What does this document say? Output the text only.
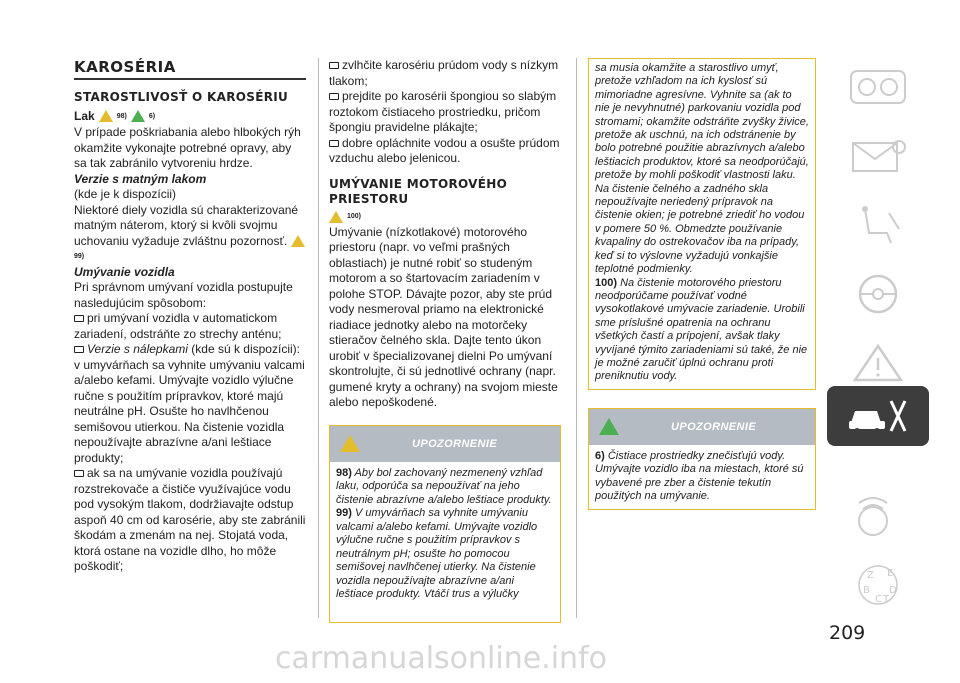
KAROSÉRIA
STAROSTLIVOSŤ O KAROSÉRIU
Lak	98)	6)

V prípade poškriabania alebo hlbokých rýh okamžite vykonajte potrebné opravy, aby sa tak zabránilo vytvoreniu hrdze.

Verzie s matným lakom

(kde je k dispozícii)

Niektoré diely vozidla sú charakterizované matným náterom, ktorý si kvôli svojmu uchovaniu vyžaduje zvláštnu pozornosť.  99)

Umývanie vozidla

Pri správnom umývaní vozidla postupujte nasledujúcim spôsobom:

pri umývaní vozidla v automatickom zariadení, odstráňte zo strechy anténu;

Verzie s nálepkami (kde sú k dispozícii): v umyvárňach sa vyhnite umývaniu valcami a/alebo kefami. Umývajte vozidlo výlučne ručne s použitím prípravkov, ktoré majú neutrálne pH. Osušte ho navlhčenou semišovou utierkou. Na čistenie vozidla nepoužívajte abrazívne a/ani leštiace produkty;

ak sa na umývanie vozidla používajú rozstrekovače a čističe využívajúce vodu pod vysokým tlakom, dodržiavajte odstup aspoň 40 cm od karosérie, aby ste zabránili škodám a zmenám na nej. Stojatá voda, ktorá ostane na vozidle dlho, ho môže poškodiť;

zvlhčite karosériu prúdom vody s nízkym tlakom;

prejdite po karosérii špongiou so slabým roztokom čistiaceho prostriedku, pričom špongiu pravidelne plákajte;

dobre opláchnite vodou a osušte prúdom vzduchu alebo jelenicou.

UMÝVANIE MOTOROVÉHO PRIESTORU
100)

Umývanie (nízkotlakové) motorového priestoru (napr. vo veľmi prašných oblastiach) je nutné robiť so studeným motorom a so štartovacím zariadením v polohe STOP. Dávajte pozor, aby ste prúd vody nesmeroval priamo na elektronické riadiace jednotky alebo na motorčeky stieračov čelného skla. Dajte tento úkon urobiť v špecializovanej dielni Po umývaní skontrolujte, či sú jednotlivé ochrany (napr. gumené kryty a ochrany) na svojom mieste alebo nepoškodené.

UPOZORNENIE

98) Aby bol zachovaný nezmenený vzhľad laku, odporúča sa nepoužívať na jeho čistenie abrazívne a/alebo leštiace produkty.

99) V umyvárňach sa vyhnite umývaniu valcami a/alebo kefami. Umývajte vozidlo výlučne ručne s použitím prípravkov s neutrálnym pH; osušte ho pomocou semišovej navlhčenej utierky. Na čistenie vozidla nepoužívajte abrazívne a/ani leštiace produkty. Vtáčí trus a výlučky

sa musia okamžite a starostlivo umyť, pretože vzhľadom na ich kyslosť sú mimoriadne agresívne. Vyhnite sa (ak to nie je nevyhnutné) parkovaniu vozidla pod stromami; okamžite odstráňte zvyšky živice, pretože ak uschnú, na ich odstránenie by bolo potrebné použitie abrazívnych a/alebo leštiacich produktov, ktoré sa neodporúčajú, pretože by mohli poškodiť vlastnosti laku. Na čistenie čelného a zadného skla nepoužívajte neriedený prípravok na čistenie okien; je potrebné zriediť ho vodou v pomere 50 %. Obmedzte používanie kvapaliny do ostrekovačov iba na prípady, keď si to výslovne vyžadujú vonkajšie teplotné podmienky.

100) Na čistenie motorového priestoru neodporúčame používať vodné vysokotlakové umývacie zariadenie. Urobili sme príslušné opatrenia na ochranu všetkých častí a prípojení, avšak tlaky vyvíjané týmito zariadeniami sú také, že nie je možné zaručiť úplnú ochranu proti preniknutiu vody.

UPOZORNENIE

6) Čistiace prostriedky znečisťujú vody. Umývajte vozidlo iba na miestach, ktoré sú vybavené pre zber a čistenie tekutín použitých na umývanie.

Z E
B D
C T
209
carmanualsonline.info
